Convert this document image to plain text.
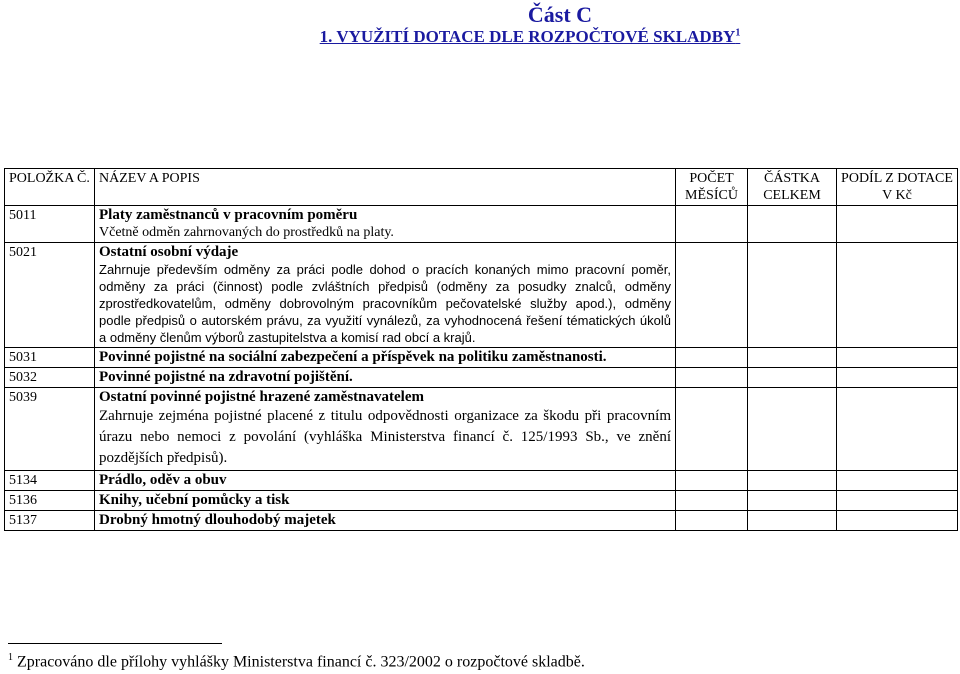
Část C
1. VYUŽITÍ DOTACE DLE ROZPOČTOVÉ SKLADBY$^1$
POLOŽKA Č.	NÁZEV A POPIS	POČET MĚSÍCŮ	ČÁSTKA CELKEM	PODÍL Z DOTACE V Kč
5011	Platy zaměstnanců v pracovním poměru
Včetně odměn zahrnovaných do prostředků na platy.			

5021	Ostatní osobní výdaje
Zahrnuje především odměny za práci podle dohod o pracích konaných mimo pracovní poměr, odměny za práci (činnost) podle zvláštních předpisů (odměny za posudky znalců, odměny zprostředkovatelům, odměny dobrovolným pracovníkům pečovatelské služby apod.), odměny podle předpisů o autorském právu, za využití vynálezů, za vyhodnocená řešení tématických úkolů a odměny členům výborů zastupitelstva a komisí rad obcí a krajů.			

5031	Povinné pojistné na sociální zabezpečení a příspěvek na politiku zaměstnanosti.			

5032	Povinné pojistné na zdravotní pojištění.			

5039	Ostatní povinné pojistné hrazené zaměstnavatelem
Zahrnuje zejména pojistné placené z titulu odpovědnosti organizace za škodu při pracovním úrazu nebo nemoci z povolání (vyhláška Ministerstva financí č. 125/1993 Sb., ve znění pozdějších předpisů).			

5134	Prádlo, oděv a obuv			

5136	Knihy, učební pomůcky a tisk			

5137	Drobný hmotný dlouhodobý majetek			

$^1$ Zpracováno dle přílohy vyhlášky Ministerstva financí č. 323/2002 o rozpočtové skladbě.
